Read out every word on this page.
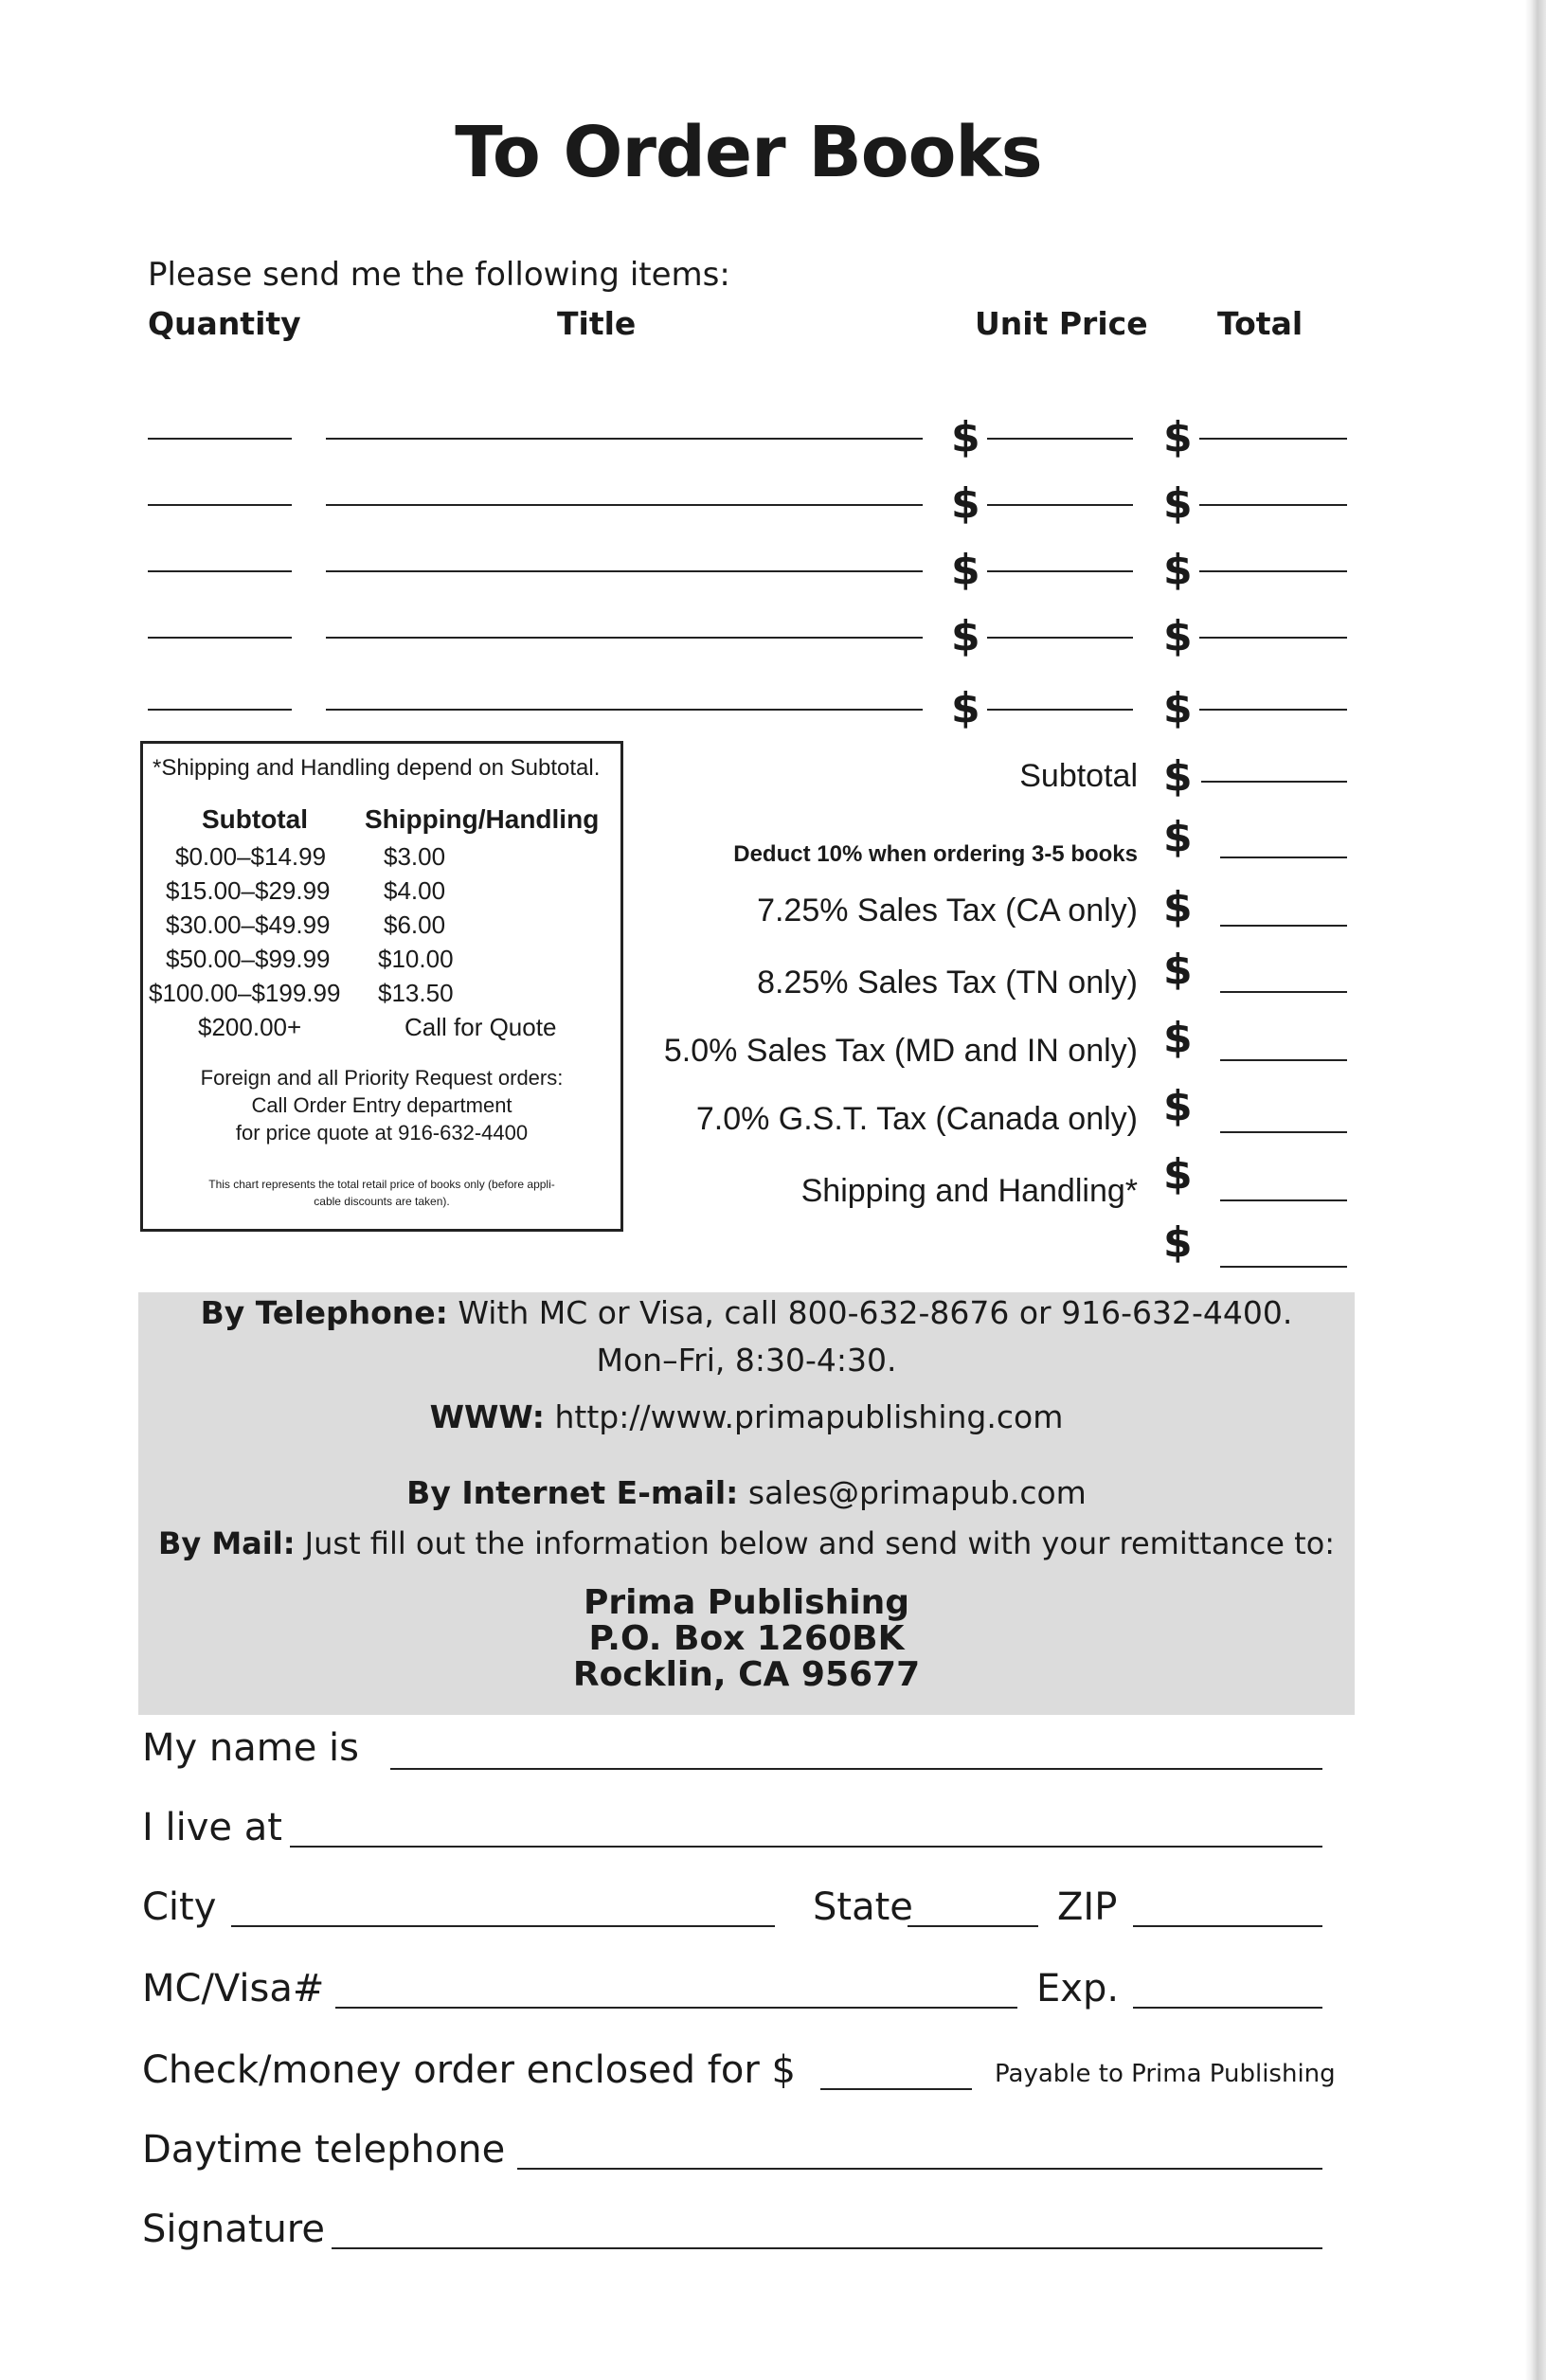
To Order Books
Please send me the following items:
Quantity	Title	Unit Price Total
$	$
$	$
$	$
$	$
$	$
*Shipping and Handling depend on Subtotal.
Subtotal Shipping/Handling
$0.00–$14.99 $3.00
$15.00–$29.99 $4.00
$30.00–$49.99 $6.00
$50.00–$99.99 $10.00
$100.00–$199.99 $13.50
$200.00+	Call for Quote
Foreign and all Priority Request orders:
Call Order Entry department
for price quote at 916-632-4400
This chart represents the total retail price of books only (before appli-
cable discounts are taken).
Subtotal $
Deduct 10% when ordering 3-5 books $
7.25% Sales Tax (CA only) $
8.25% Sales Tax (TN only) $
5.0% Sales Tax (MD and IN only) $
7.0% G.S.T. Tax (Canada only) $
Shipping and Handling* $
$
By Telephone: With MC or Visa, call 800-632-8676 or 916-632-4400.
Mon–Fri, 8:30-4:30.
WWW: http://www.primapublishing.com
By Internet E-mail: sales@primapub.com
By Mail: Just fill out the information below and send with your remittance to:
Prima Publishing
P.O. Box 1260BK
Rocklin, CA 95677
My name is
I live at
City	State	ZIP
MC/Visa#	Exp.
Check/money order enclosed for $	Payable to Prima Publishing
Daytime telephone
Signature
